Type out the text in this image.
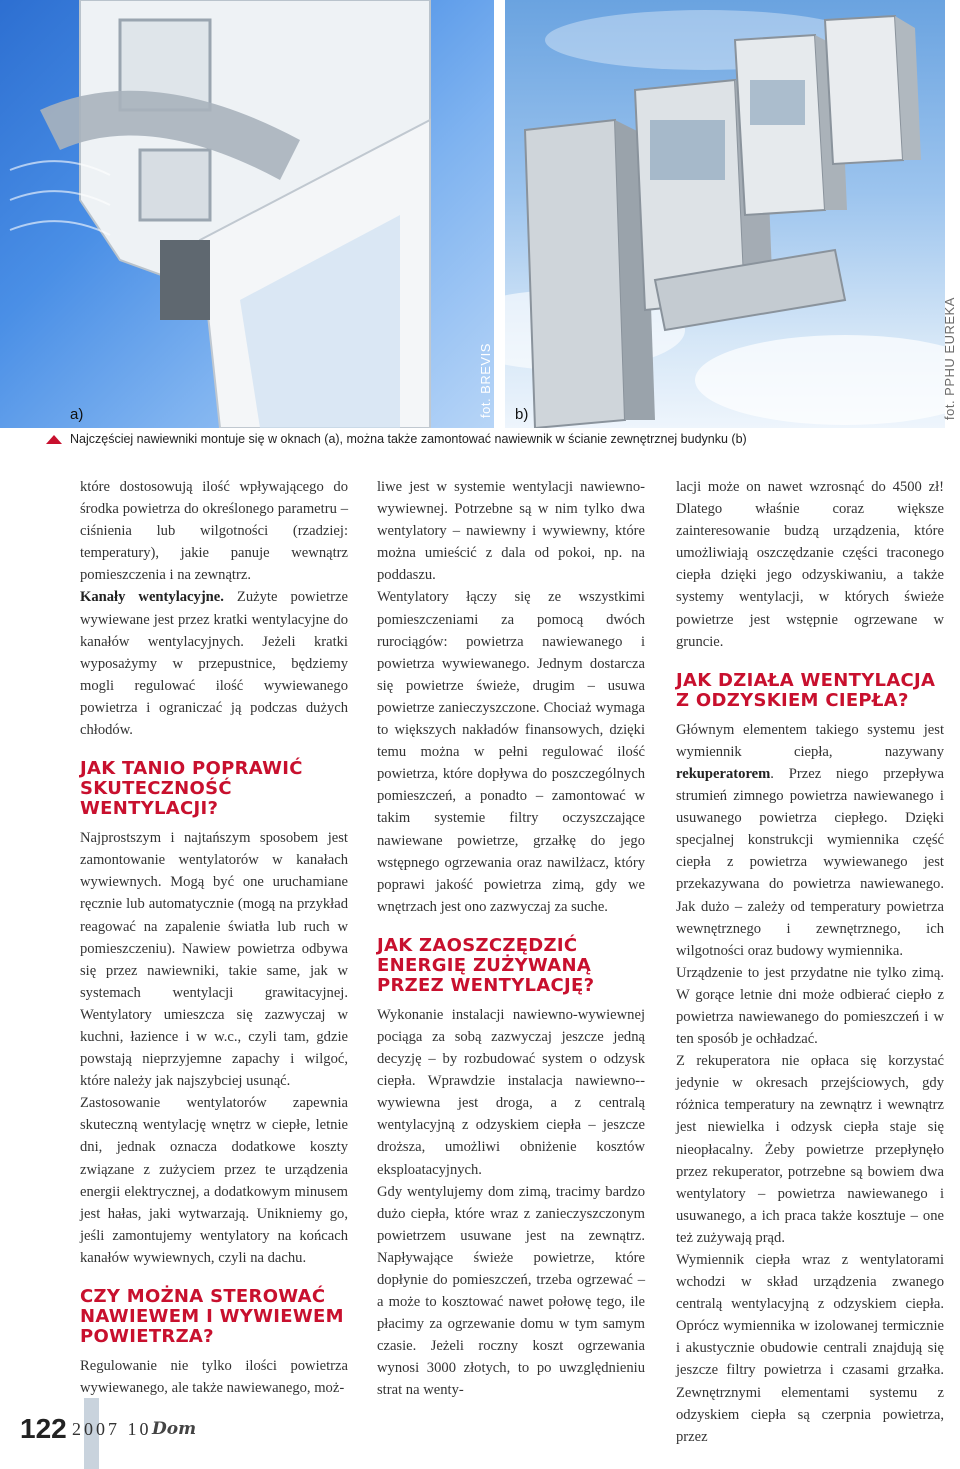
a)	fot. BREVIS b)	fot. PPHU EUREKA
Najczęściej nawiewniki montuje się w oknach (a), można także zamontować nawiewnik w ścianie zewnętrznej budynku (b)

które dostosowują ilość wpływającego do środka powietrza do określonego parametru – ciśnienia lub wilgotności (rzadziej: temperatury), jakie panuje wewnątrz pomieszczenia i na zewnątrz.

Kanały wentylacyjne. Zużyte powietrze wywiewane jest przez kratki wentylacyjne do kanałów wentylacyjnych. Jeżeli kratki wyposażymy w przepustnice, będziemy mogli regulować ilość wywiewanego powietrza i ograniczać ją podczas dużych chłodów.

JAK TANIO POPRAWIĆ SKUTECZNOŚĆ WENTYLACJI?

Najprostszym i najtańszym sposobem jest zamontowanie wentylatorów w kanałach wywiewnych. Mogą być one uruchamiane ręcznie lub automatycznie (mogą na przykład reagować na zapalenie światła lub ruch w pomieszczeniu). Nawiew powietrza odbywa się przez nawiewniki, takie same, jak w systemach wentylacji grawitacyjnej. Wentylatory umieszcza się zazwyczaj w kuchni, łazience i w w.c., czyli tam, gdzie powstają nieprzyjemne zapachy i wilgoć, które należy jak najszybciej usunąć.

Zastosowanie wentylatorów zapewnia skuteczną wentylację wnętrz w ciepłe, letnie dni, jednak oznacza dodatkowe koszty związane z zużyciem przez te urządzenia energii elektrycznej, a dodatkowym minusem jest hałas, jaki wytwarzają. Unikniemy go, jeśli zamontujemy wentylatory na końcach kanałów wywiewnych, czyli na dachu.

CZY MOŻNA STEROWAĆ NAWIEWEM I WYWIEWEM POWIETRZA?

Regulowanie nie tylko ilości powietrza wywiewanego, ale także nawiewanego, moż-

liwe jest w systemie wentylacji nawiewno-wywiewnej. Potrzebne są w nim tylko dwa wentylatory – nawiewny i wywiewny, które można umieścić z dala od pokoi, np. na poddaszu.

Wentylatory łączy się ze wszystkimi pomieszczeniami za pomocą dwóch rurociągów: powietrza nawiewanego i powietrza wywiewanego. Jednym dostarcza się powietrze świeże, drugim – usuwa powietrze zanieczyszczone. Chociaż wymaga to większych nakładów finansowych, dzięki temu można w pełni regulować ilość powietrza, które dopływa do poszczególnych pomieszczeń, a ponadto – zamontować w takim systemie filtry oczyszczające nawiewane powietrze, grzałkę do jego wstępnego ogrzewania oraz nawilżacz, który poprawi jakość powietrza zimą, gdy we wnętrzach jest ono zazwyczaj za suche.

JAK ZAOSZCZĘDZIĆ ENERGIĘ ZUŻYWANĄ PRZEZ WENTYLACJĘ?

Wykonanie instalacji nawiewno-wywiewnej pociąga za sobą zazwyczaj jeszcze jedną decyzję – by rozbudować system o odzysk ciepła. Wprawdzie instalacja nawiewno--wywiewna jest droga, a z centralą wentylacyjną z odzyskiem ciepła – jeszcze droższa, umożliwi obniżenie kosztów eksploatacyjnych.

Gdy wentylujemy dom zimą, tracimy bardzo dużo ciepła, które wraz z zanieczyszczonym powietrzem usuwane jest na zewnątrz. Napływające świeże powietrze, które dopłynie do pomieszczeń, trzeba ogrzewać – a może to kosztować nawet połowę tego, ile płacimy za ogrzewanie domu w tym samym czasie. Jeżeli roczny koszt ogrzewania wynosi 3000 złotych, to po uwzględnieniu strat na wenty-

lacji może on nawet wzrosnąć do 4500 zł! Dlatego właśnie coraz większe zainteresowanie budzą urządzenia, które umożliwiają oszczędzanie części traconego ciepła dzięki jego odzyskiwaniu, a także systemy wentylacji, w których świeże powietrze jest wstępnie ogrzewane w gruncie.

JAK DZIAŁA WENTYLACJA Z ODZYSKIEM CIEPŁA?

Głównym elementem takiego systemu jest wymiennik ciepła, nazywany rekuperatorem. Przez niego przepływa strumień zimnego powietrza nawiewanego i usuwanego powietrza ciepłego. Dzięki specjalnej konstrukcji wymiennika część ciepła z powietrza wywiewanego jest przekazywana do powietrza nawiewanego. Jak dużo – zależy od temperatury powietrza wewnętrznego i zewnętrznego, ich wilgotności oraz budowy wymiennika.

Urządzenie to jest przydatne nie tylko zimą. W gorące letnie dni może odbierać ciepło z powietrza nawiewanego do pomieszczeń i w ten sposób je ochładzać.

Z rekuperatora nie opłaca się korzystać jedynie w okresach przejściowych, gdy różnica temperatury na zewnątrz i wewnątrz jest niewielka i odzysk ciepła staje się nieopłacalny. Żeby powietrze przepłynęło przez rekuperator, potrzebne są bowiem dwa wentylatory – powietrza nawiewanego i usuwanego, a ich praca także kosztuje – one też zużywają prąd.

Wymiennik ciepła wraz z wentylatorami wchodzi w skład urządzenia zwanego centralą wentylacyjną z odzyskiem ciepła. Oprócz wymiennika w izolowanej termicznie i akustycznie obudowie centrali znajdują się jeszcze filtry powietrza i czasami grzałka. Zewnętrznymi elementami systemu z odzyskiem ciepła są czerpnia powietrza, przez

122 2007 10 Dom
